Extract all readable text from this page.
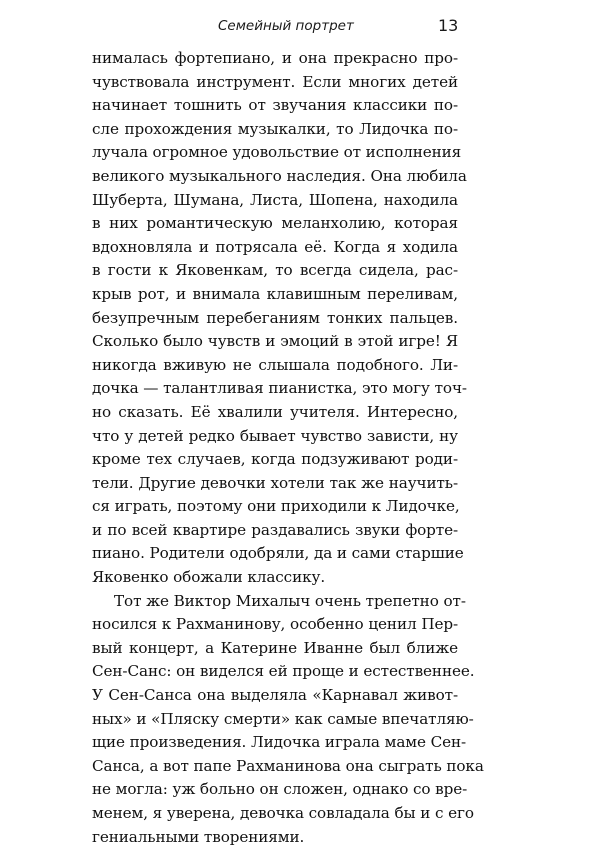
Семейный портрет	13
нималась фортепиано, и она прекрасно про-
чувствовала инструмент. Если многих детей
начинает тошнить от звучания классики по-
сле прохождения музыкалки, то Лидочка по-
лучала огромное удовольствие от исполнения
великого музыкального наследия. Она любила
Шуберта, Шумана, Листа, Шопена, находила
в них романтическую меланхолию, которая
вдохновляла и потрясала её. Когда я ходила
в гости к Яковенкам, то всегда сидела, рас-
крыв рот, и внимала клавишным переливам,
безупречным перебеганиям тонких пальцев.
Сколько было чувств и эмоций в этой игре! Я
никогда вживую не слышала подобного. Ли-
дочка — талантливая пианистка, это могу точ-
но сказать. Её хвалили учителя. Интересно,
что у детей редко бывает чувство зависти, ну
кроме тех случаев, когда подзуживают роди-
тели. Другие девочки хотели так же научить-
ся играть, поэтому они приходили к Лидочке,
и по всей квартире раздавались звуки форте-
пиано. Родители одобряли, да и сами старшие
Яковенко обожали классику.
Тот же Виктор Михалыч очень трепетно от-
носился к Рахманинову, особенно ценил Пер-
вый концерт, а Катерине Иванне был ближе
Сен-Санс: он виделся ей проще и естественнее.
У Сен-Санса она выделяла «Карнавал живот-
ных» и «Пляску смерти» как самые впечатляю-
щие произведения. Лидочка играла маме Сен-
Санса, а вот папе Рахманинова она сыграть пока
не могла: уж больно он сложен, однако со вре-
менем, я уверена, девочка совладала бы и с его
гениальными творениями.
